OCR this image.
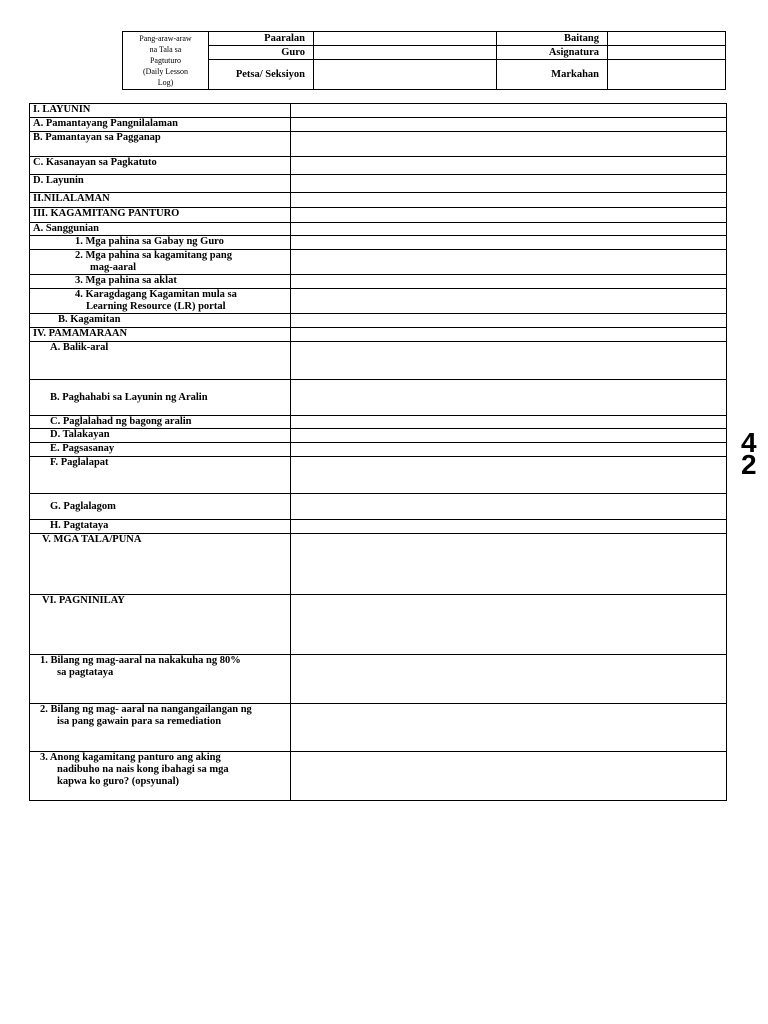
Pang-araw-araw
na Tala sa
Pagtuturo
(Daily Lesson
Log)	Paaralan		Baitang	
	Guro		Asignatura	
	Petsa/ Seksiyon		Markahan	
I. LAYUNIN	
A. Pamantayang Pangnilalaman	
B. Pamantayan sa Pagganap	
C. Kasanayan sa Pagkatuto	
D. Layunin	
II.NILALAMAN	
III. KAGAMITANG PANTURO	
A. Sanggunian	
1. Mga pahina sa Gabay ng Guro	
2. Mga pahina sa kagamitang pang
mag-aaral	
3. Mga pahina sa aklat	
4. Karagdagang Kagamitan mula sa
Learning Resource (LR) portal	
B. Kagamitan	
IV. PAMAMARAAN	
A. Balik-aral	
B. Paghahabi sa Layunin ng Aralin	
C. Paglalahad ng bagong aralin	
D. Talakayan	
E. Pagsasanay	
F. Paglalapat	
G. Paglalagom	
H. Pagtataya	
V. MGA TALA/PUNA	
VI. PAGNINILAY	
1. Bilang ng mag-aaral na nakakuha ng 80%
sa pagtataya	

2. Bilang ng mag- aaral na nangangailangan ng
isa pang gawain para sa remediation	

3. Anong kagamitang panturo ang aking
nadibuho na nais kong ibahagi sa mga
kapwa ko guro? (opsyunal)	

4
2
